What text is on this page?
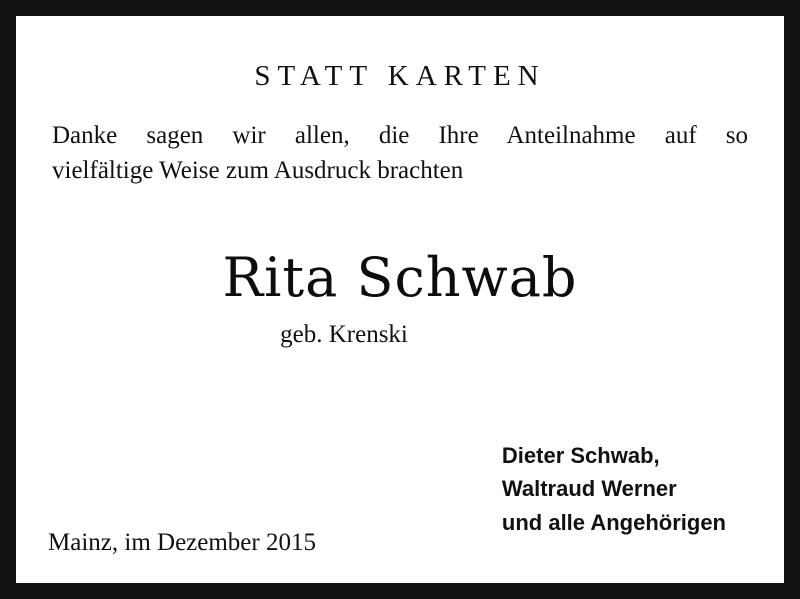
STATT KARTEN
Danke sagen wir allen, die Ihre Anteilnahme auf so
vielfältige Weise zum Ausdruck brachten
Rita Schwab
geb. Krenski
Dieter Schwab,
Waltraud Werner
und alle Angehörigen
Mainz, im Dezember 2015
